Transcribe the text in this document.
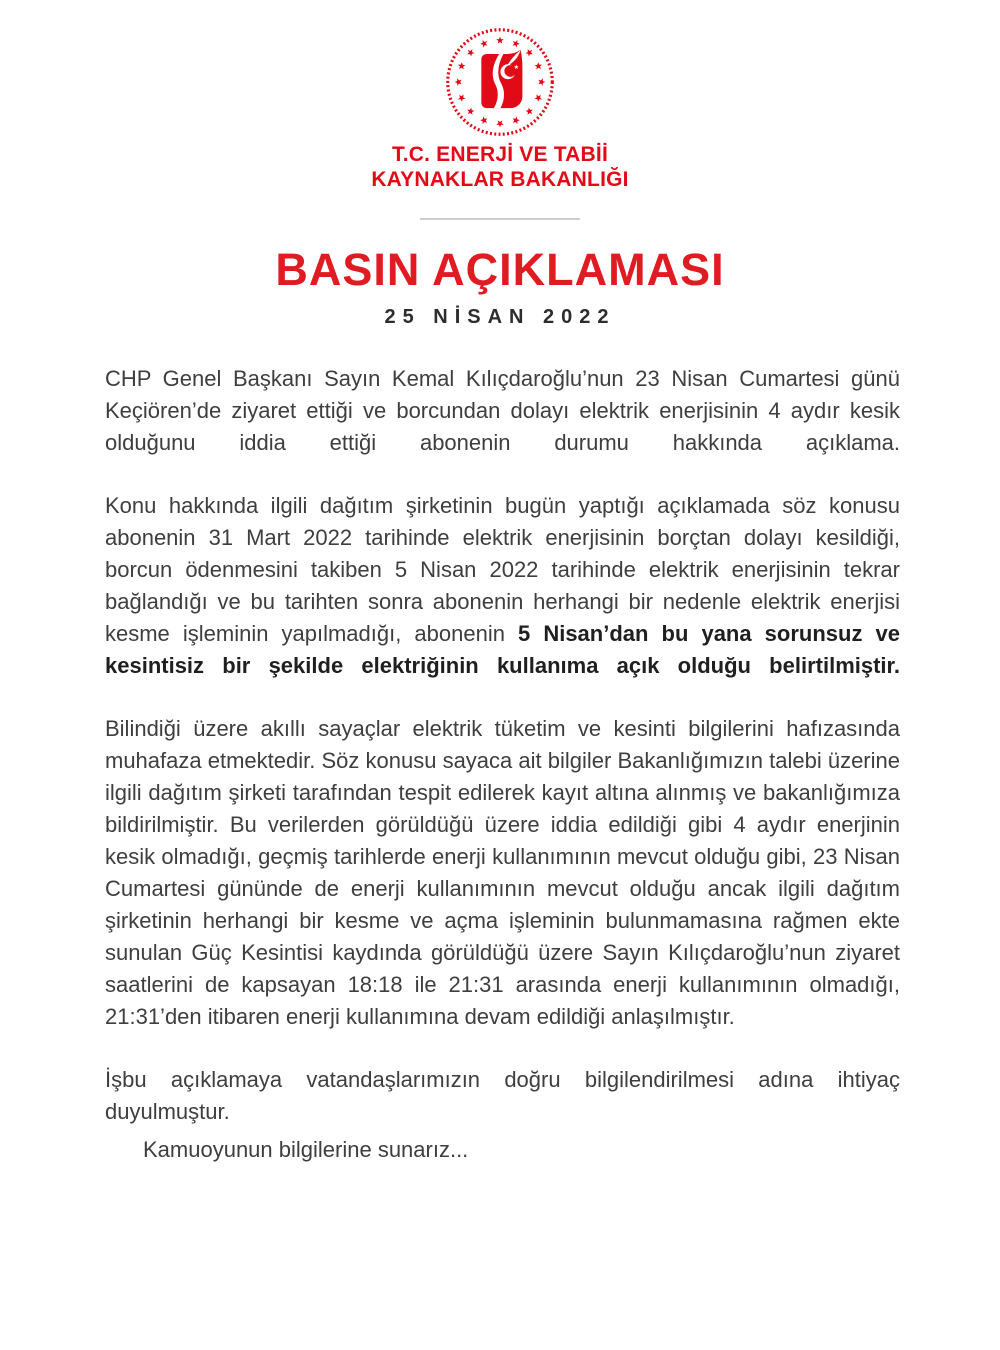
T.C. ENERJİ VE TABİİ
KAYNAKLAR BAKANLIĞI
BASIN AÇIKLAMASI
25 NİSAN 2022

CHP Genel Başkanı Sayın Kemal Kılıçdaroğlu’nun 23 Nisan Cumartesi günü Keçiören’de ziyaret ettiği ve borcundan dolayı elektrik enerjisinin 4 aydır kesik olduğunu iddia ettiği abonenin durumu hakkında açıklama.

Konu hakkında ilgili dağıtım şirketinin bugün yaptığı açıklamada söz konusu abonenin 31 Mart 2022 tarihinde elektrik enerjisinin borçtan dolayı kesildiği, borcun ödenmesini takiben 5 Nisan 2022 tarihinde elektrik enerjisinin tekrar bağlandığı ve bu tarihten sonra abonenin herhangi bir nedenle elektrik enerjisi kesme işleminin yapılmadığı, abonenin 5 Nisan’dan bu yana sorunsuz ve kesintisiz bir şekilde elektriğinin kullanıma açık olduğu belirtilmiştir.

Bilindiği üzere akıllı sayaçlar elektrik tüketim ve kesinti bilgilerini hafızasında muhafaza etmektedir. Söz konusu sayaca ait bilgiler Bakanlığımızın talebi üzerine ilgili dağıtım şirketi tarafından tespit edilerek kayıt altına alınmış ve bakanlığımıza bildirilmiştir. Bu verilerden görüldüğü üzere iddia edildiği gibi 4 aydır enerjinin kesik olmadığı, geçmiş tarihlerde enerji kullanımının mevcut olduğu gibi, 23 Nisan Cumartesi gününde de enerji kullanımının mevcut olduğu ancak ilgili dağıtım şirketinin herhangi bir kesme ve açma işleminin bulunmamasına rağmen ekte sunulan Güç Kesintisi kaydında görüldüğü üzere Sayın Kılıçdaroğlu’nun ziyaret saatlerini de kapsayan 18:18 ile 21:31 arasında enerji kullanımının olmadığı, 21:31’den itibaren enerji kullanımına devam edildiği anlaşılmıştır.

İşbu açıklamaya vatandaşlarımızın doğru bilgilendirilmesi adına ihtiyaç duyulmuştur.

Kamuoyunun bilgilerine sunarız...
